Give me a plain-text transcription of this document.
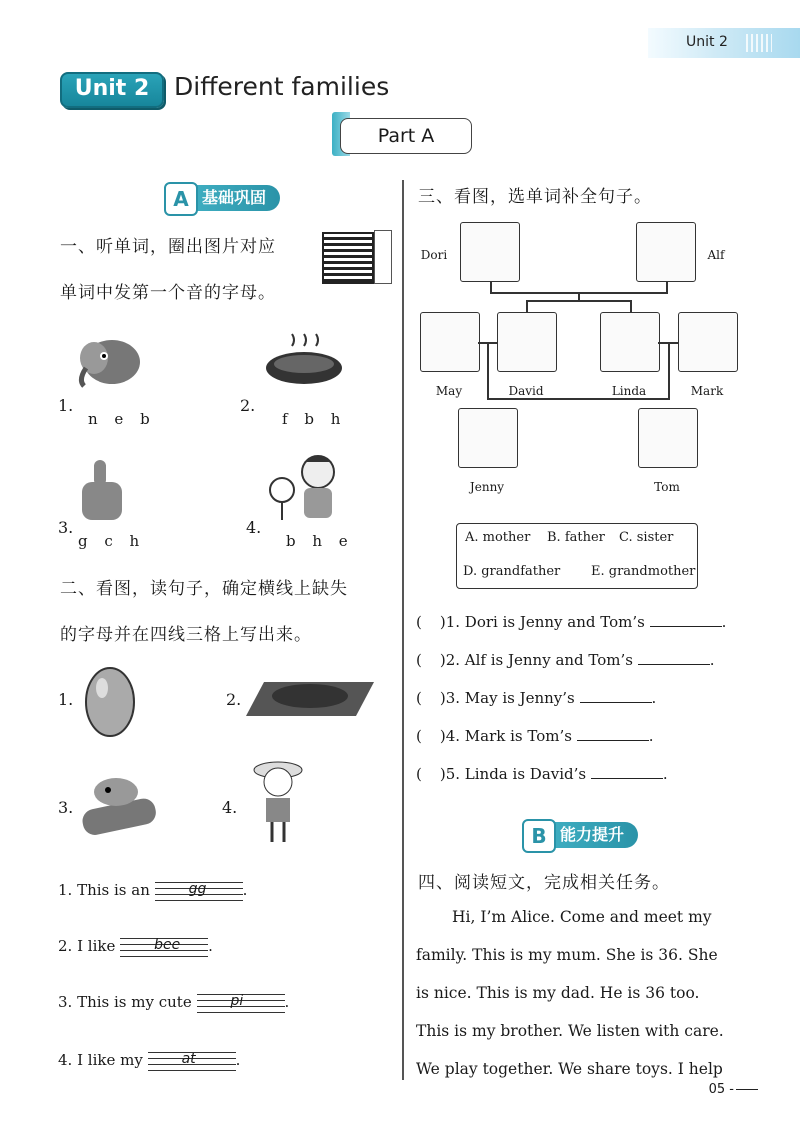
Unit 2
Unit 2 Different families
Part A
A 基础巩固
一、听单词，圈出图片对应
单词中发第一个音的字母。
1.
n e b
2.
f b h
3.
g c h
4.
b h e
二、看图，读句子，确定横线上缺失
的字母并在四线三格上写出来。
1.	2.
3.	4.
1. This is an	gg .
2. I like	bee .
3. This is my cute	pi	.
4. I like my	at	.
三、看图，选单词补全句子。
Dori	Alf
May	David	Linda	Mark
Jenny	Tom
A. mother B. father C. sister
D. grandfather E. grandmother
( )1. Dori is Jenny and Tom’s	.
( )2. Alf is Jenny and Tom’s	.
( )3. May is Jenny’s	.
( )4. Mark is Tom’s	.
( )5. Linda is David’s	.
B 能力提升
四、阅读短文，完成相关任务。
Hi, I’m Alice. Come and meet my
family. This is my mum. She is 36. She
is nice. This is my dad. He is 36 too.
This is my brother. We listen with care.
We play together. We share toys. I help
05 -
